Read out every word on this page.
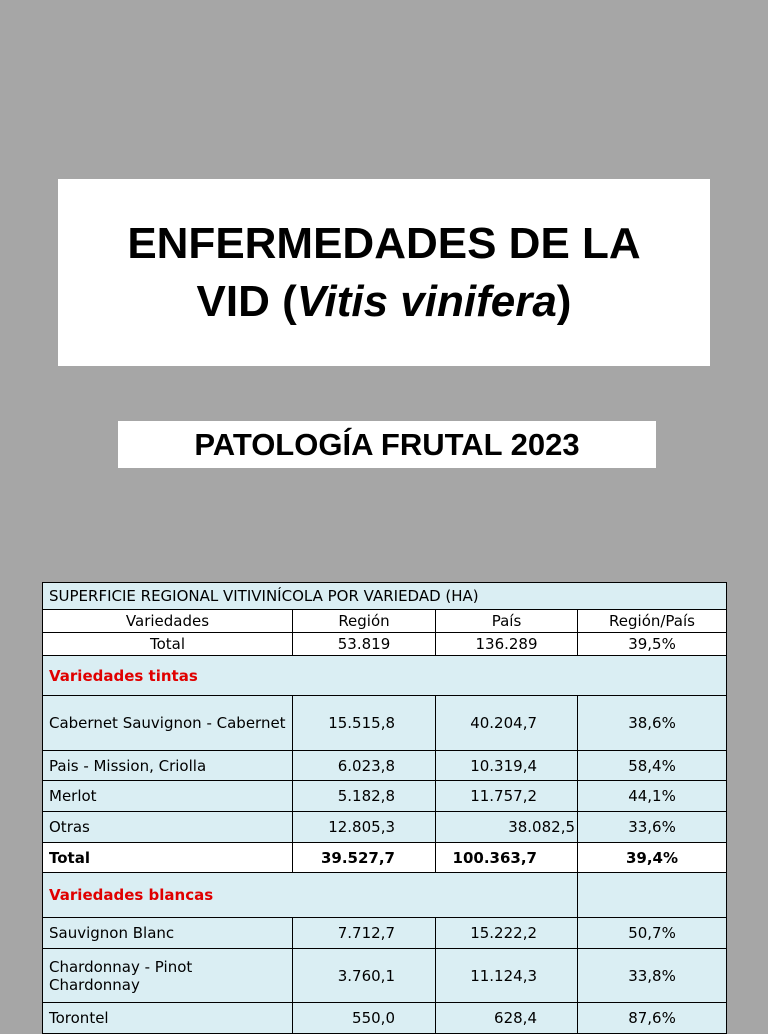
ENFERMEDADES DE LA
VID (Vitis vinifera)
PATOLOGÍA FRUTAL 2023
SUPERFICIE REGIONAL VITIVINÍCOLA POR VARIEDAD (HA)			
Variedades	Región	País	Región/País
Total	53.819	136.289	39,5%
Variedades tintas			
Cabernet Sauvignon - Cabernet	15.515,8	40.204,7	38,6%
Pais - Mission, Criolla	6.023,8	10.319,4	58,4%
Merlot	5.182,8	11.757,2	44,1%
Otras	12.805,3	38.082,5	33,6%
Total	39.527,7	100.363,7	39,4%
Variedades blancas			
Sauvignon Blanc	7.712,7	15.222,2	50,7%
Chardonnay - Pinot Chardonnay	3.760,1	11.124,3	33,8%
Torontel	550,0	628,4	87,6%
